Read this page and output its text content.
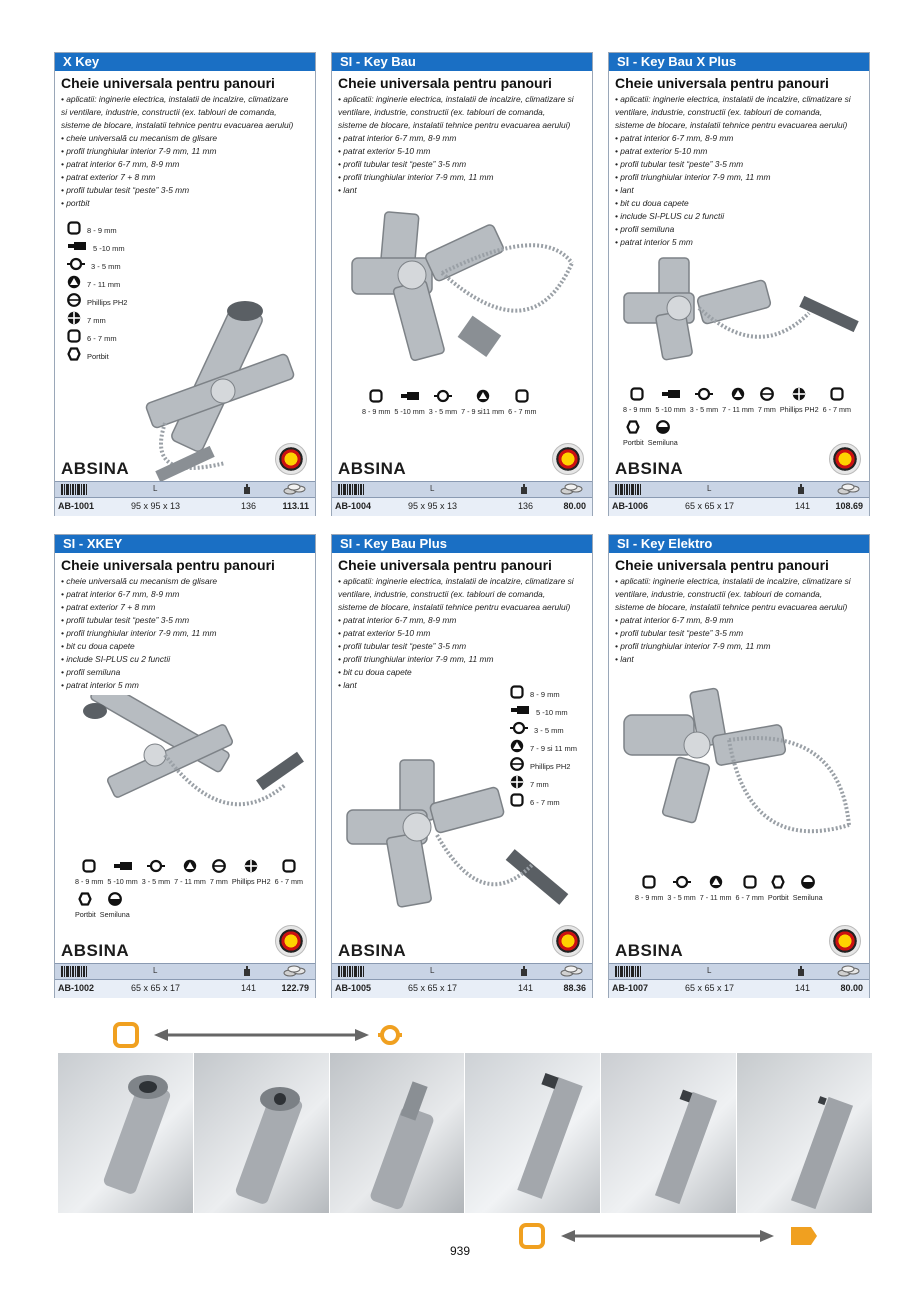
X Key
Cheie universala pentru panouri
• aplicatii: inginerie electrica, instalatii de incalzire, climatizare
si ventilare, industrie, constructii (ex. tablouri de comanda,
sisteme de blocare, instalatii tehnice pentru evacuarea aerului)
• cheie universală cu mecanism de glisare
• profil triunghiular interior 7-9 mm, 11 mm
• patrat interior 6-7 mm, 8-9 mm
• patrat exterior 7 + 8 mm
• profil tubular tesit “peste” 3-5 mm
• portbit
8 - 9 mm
5 -10 mm
3 - 5 mm
7 - 11 mm
Phillips PH2
7 mm
6 - 7 mm
Portbit
ABSINA
L
AB-1001	95 x 95 x 13	136	113.11
SI - Key Bau
Cheie universala pentru panouri
• aplicatii: inginerie electrica, instalatii de incalzire, climatizare si
ventilare, industrie, constructii (ex. tablouri de comanda,
sisteme de blocare, instalatii tehnice pentru evacuarea aerului)
• patrat interior 6-7 mm, 8-9 mm
• patrat exterior 5-10 mm
• profil tubular tesit “peste” 3-5 mm
• profil triunghiular interior 7-9 mm, 11 mm
• lant
8 - 9 mm 5 -10 mm 3 - 5 mm 7 - 9 si11 mm 6 - 7 mm
ABSINA
L
AB-1004	95 x 95 x 13	136	80.00
SI - Key Bau X Plus
Cheie universala pentru panouri
• aplicatii: inginerie electrica, instalatii de incalzire, climatizare si
ventilare, industrie, constructii (ex. tablouri de comanda,
sisteme de blocare, instalatii tehnice pentru evacuarea aerului)
• patrat interior 6-7 mm, 8-9 mm
• patrat exterior 5-10 mm
• profil tubular tesit “peste” 3-5 mm
• profil triunghiular interior 7-9 mm, 11 mm
• lant
• bit cu doua capete
• include SI-PLUS cu 2 functii
• profil semiluna
• patrat interior 5 mm
8 - 9 mm 5 -10 mm 3 - 5 mm 7 - 11 mm 7 mm Phillips PH2 6 - 7 mm
Portbit Semiluna
ABSINA
L
AB-1006	65 x 65 x 17	141	108.69
SI - XKEY
Cheie universala pentru panouri
• cheie universală cu mecanism de glisare
• patrat interior 6-7 mm, 8-9 mm
• patrat exterior 7 + 8 mm
• profil tubular tesit “peste” 3-5 mm
• profil triunghiular interior 7-9 mm, 11 mm
• bit cu doua capete
• include SI-PLUS cu 2 functii
• profil semiluna
• patrat interior 5 mm
8 - 9 mm 5 -10 mm 3 - 5 mm 7 - 11 mm 7 mm Phillips PH2 6 - 7 mm
Portbit Semiluna
ABSINA
L
AB-1002	65 x 65 x 17	141	122.79
SI - Key Bau Plus
Cheie universala pentru panouri
• aplicatii: inginerie electrica, instalatii de incalzire, climatizare si
ventilare, industrie, constructii (ex. tablouri de comanda,
sisteme de blocare, instalatii tehnice pentru evacuarea aerului)
• patrat interior 6-7 mm, 8-9 mm
• patrat exterior 5-10 mm
• profil tubular tesit “peste” 3-5 mm
• profil triunghiular interior 7-9 mm, 11 mm
• bit cu doua capete
• lant
8 - 9 mm
5 -10 mm
3 - 5 mm
7 - 9 si 11 mm
Phillips PH2
7 mm
6 - 7 mm
ABSINA
L
AB-1005	65 x 65 x 17	141	88.36
SI - Key Elektro
Cheie universala pentru panouri
• aplicatii: inginerie electrica, instalatii de incalzire, climatizare si
ventilare, industrie, constructii (ex. tablouri de comanda,
sisteme de blocare, instalatii tehnice pentru evacuarea aerului)
• patrat interior 6-7 mm, 8-9 mm
• profil tubular tesit “peste” 3-5 mm
• profil triunghiular interior 7-9 mm, 11 mm
• lant
8 - 9 mm 3 - 5 mm 7 - 11 mm 6 - 7 mm Portbit Semiluna
ABSINA
L
AB-1007	65 x 65 x 17	141	80.00
939
